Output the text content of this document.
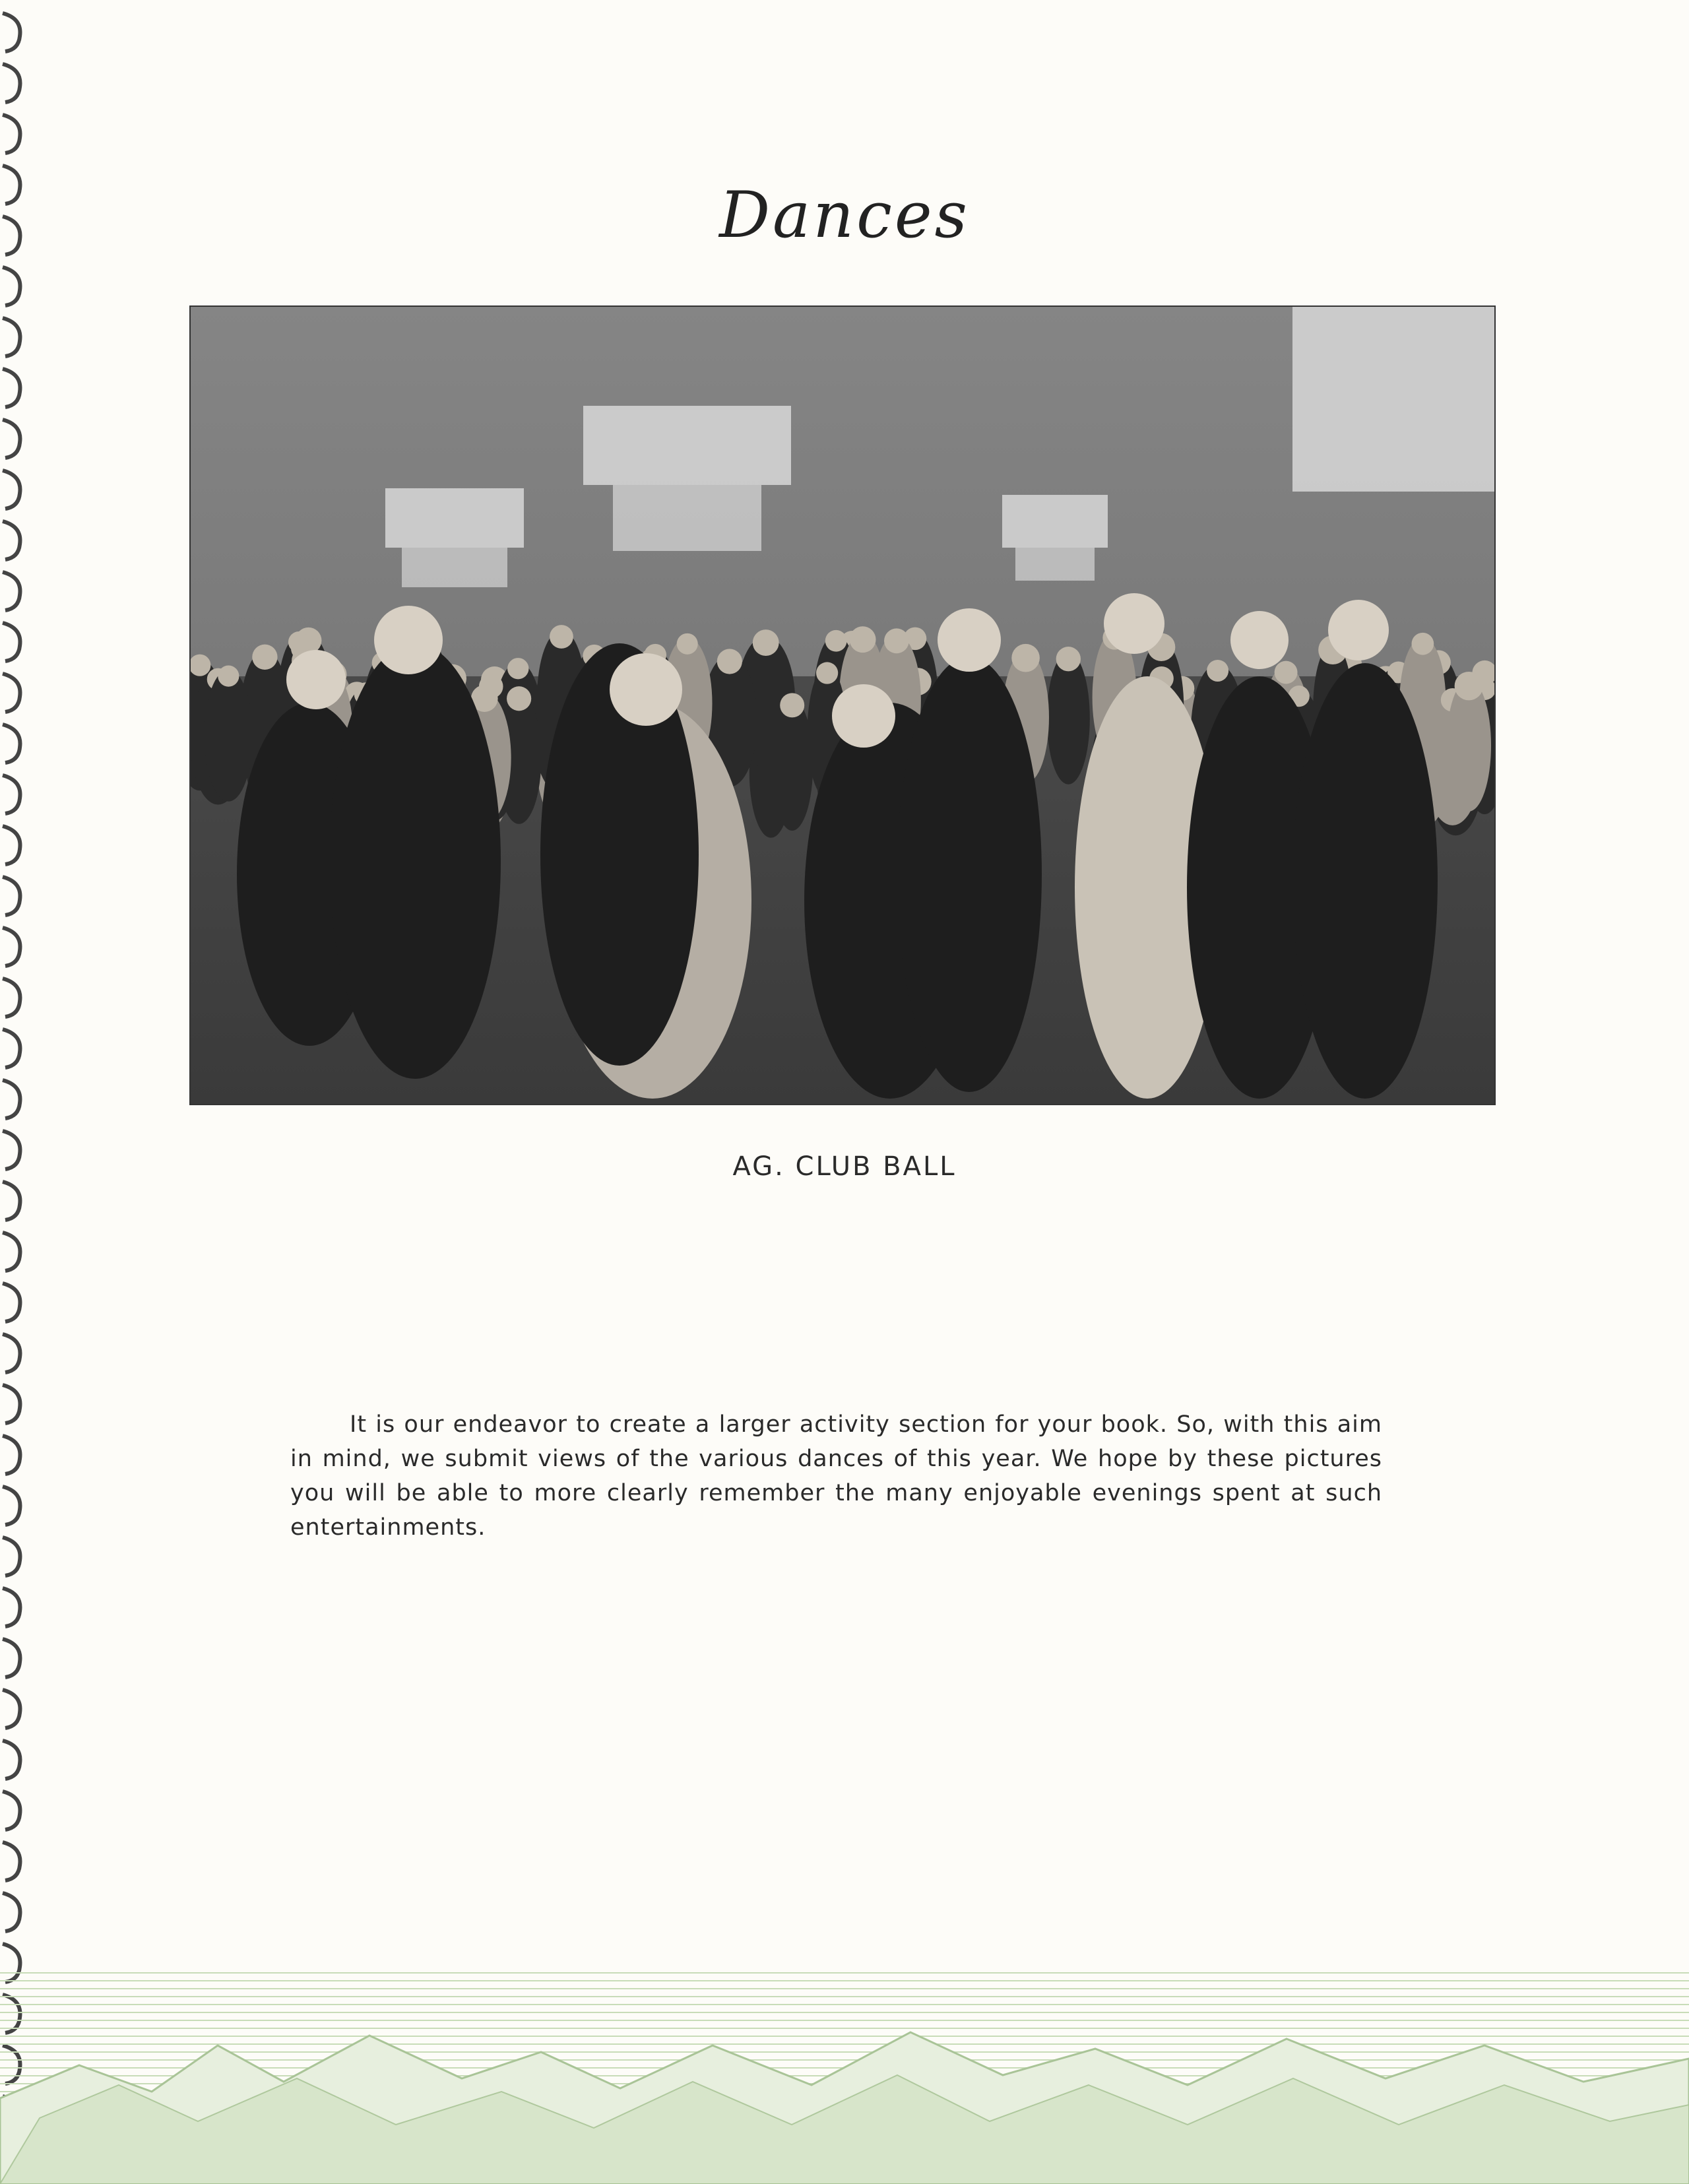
Dances
AG. CLUB BALL

It is our endeavor to create a larger activity section for your book. So, with this aim in mind, we submit views of the various dances of this year. We hope by these pictures you will be able to more clearly remember the many enjoyable evenings spent at such entertainments.
